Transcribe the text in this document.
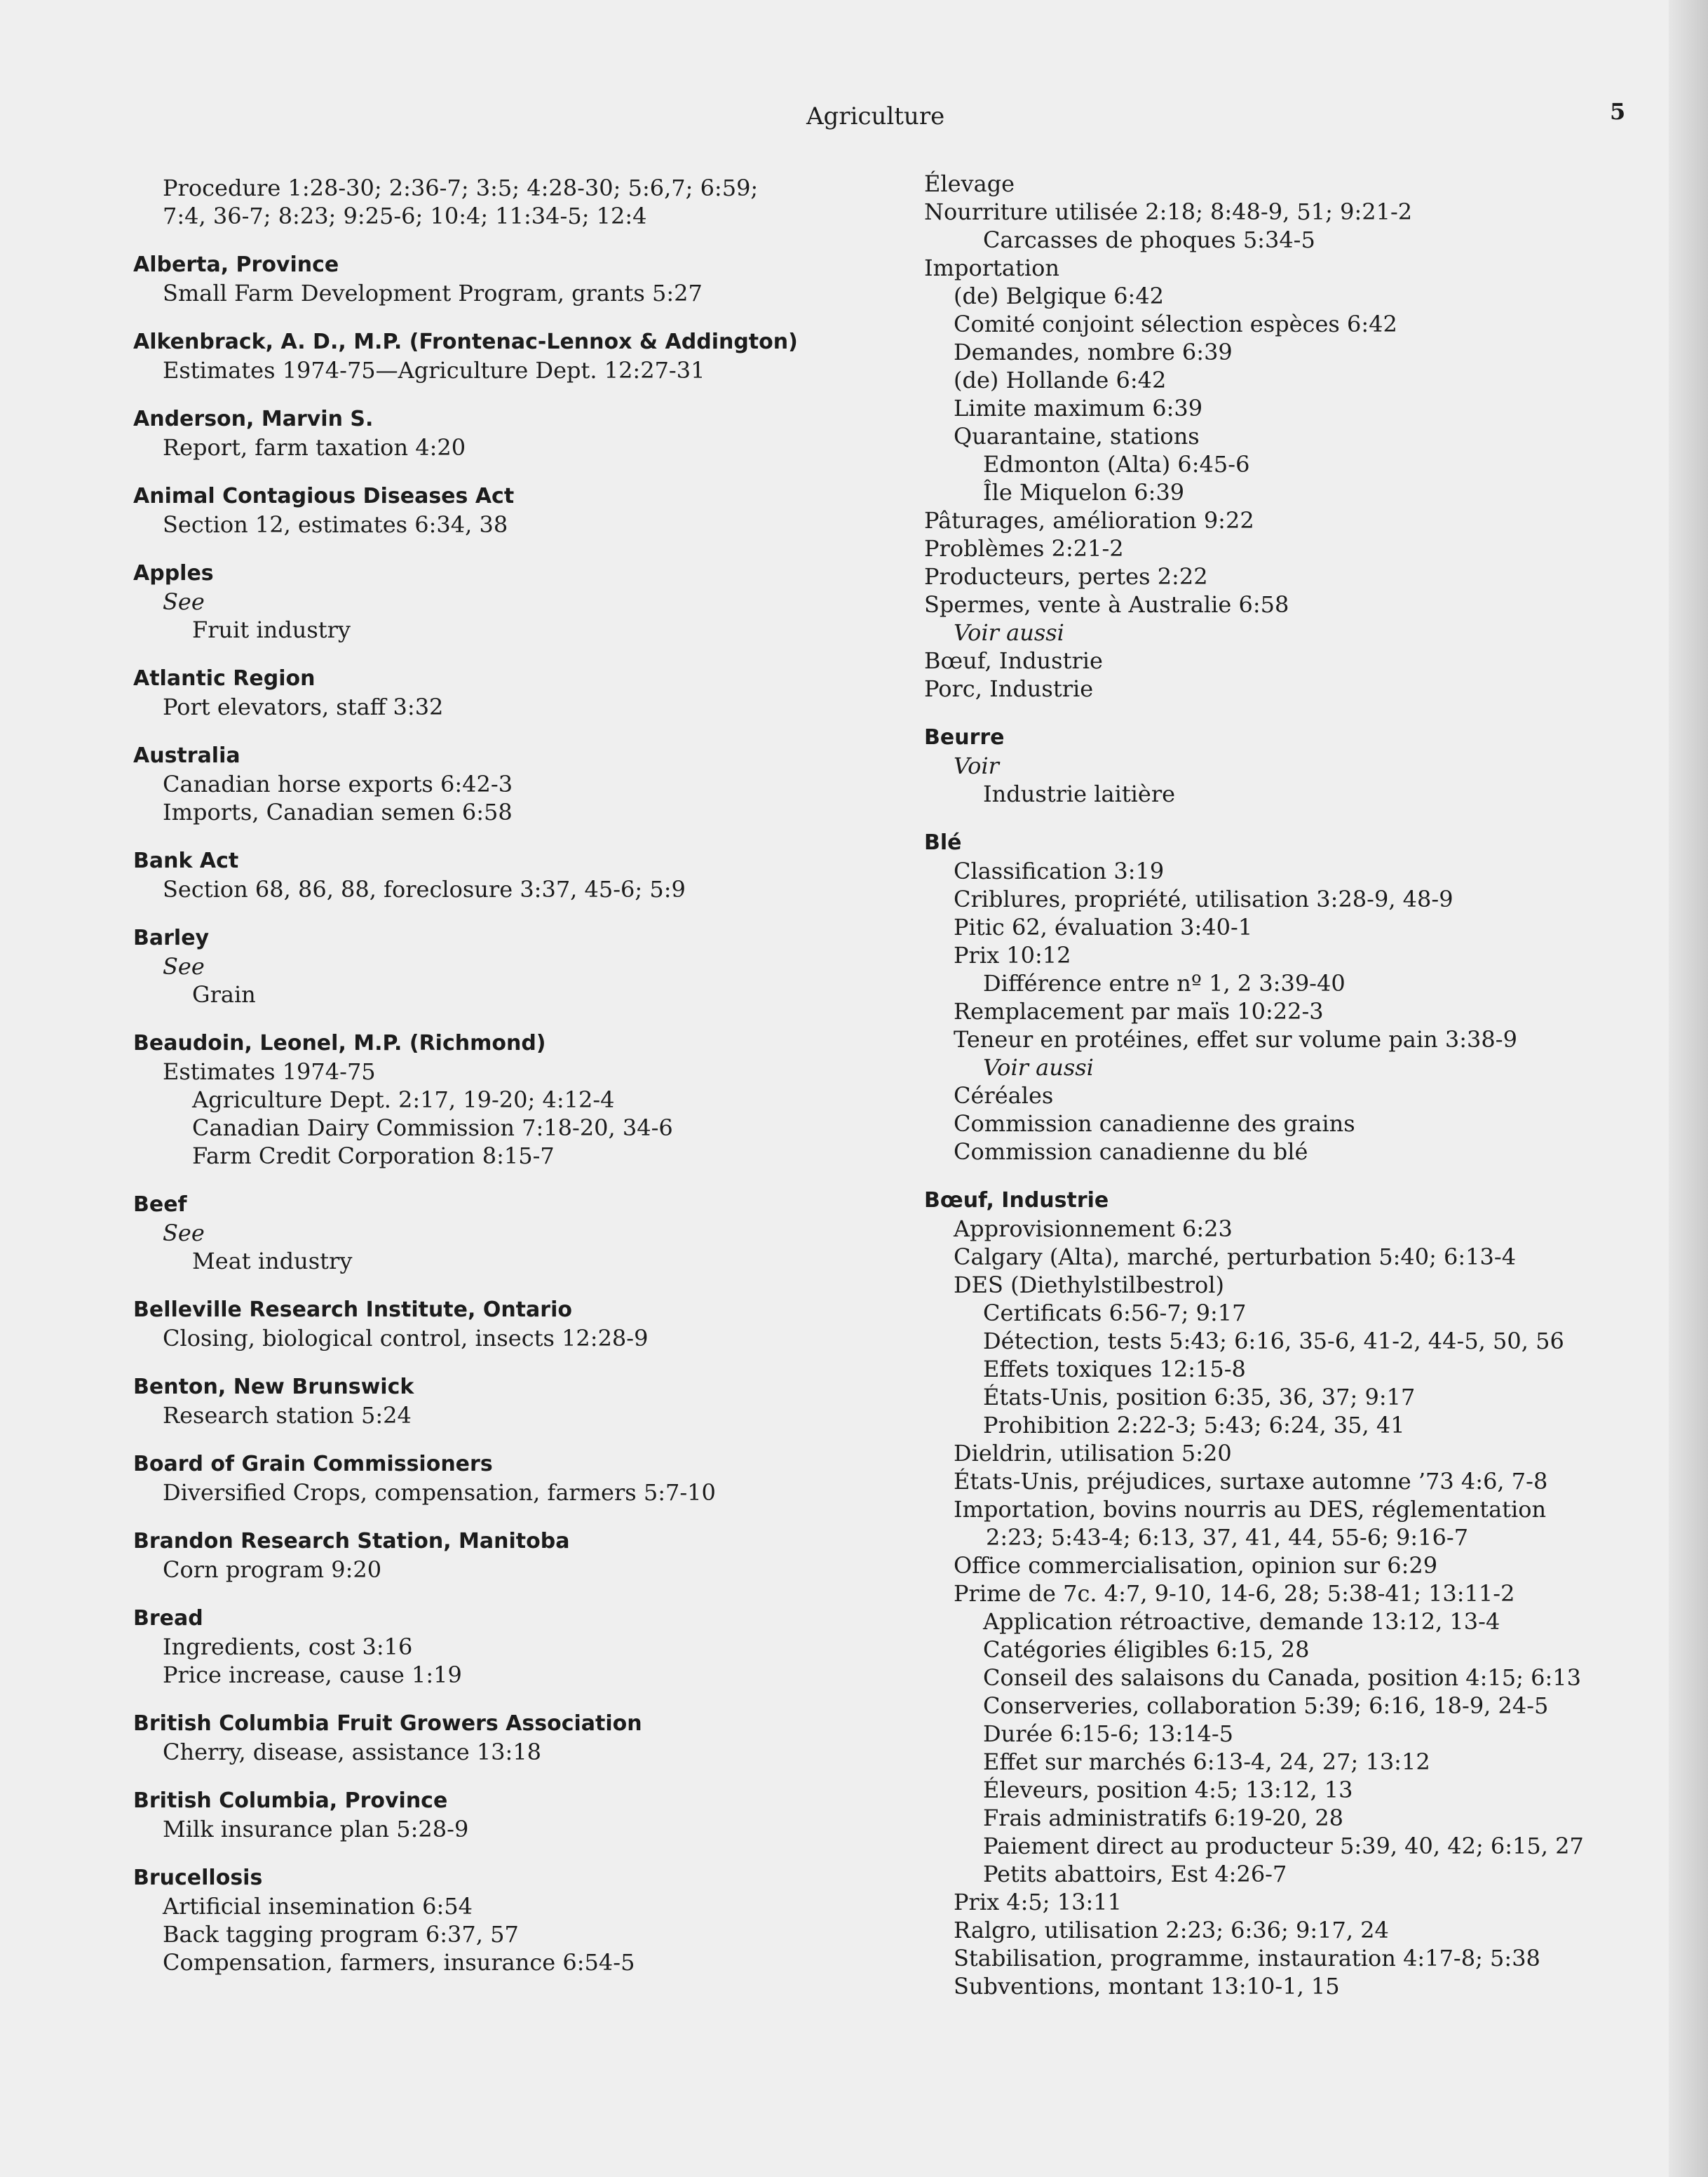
Agriculture	5
Procedure 1:28-30; 2:36-7; 3:5; 4:28-30; 5:6,7; 6:59;
7:4, 36-7; 8:23; 9:25-6; 10:4; 11:34-5; 12:4
Alberta, Province
Small Farm Development Program, grants 5:27
Alkenbrack, A. D., M.P. (Frontenac-Lennox & Addington)
Estimates 1974-75—Agriculture Dept. 12:27-31
Anderson, Marvin S.
Report, farm taxation 4:20
Animal Contagious Diseases Act
Section 12, estimates 6:34, 38
Apples
See
Fruit industry
Atlantic Region
Port elevators, staff 3:32
Australia
Canadian horse exports 6:42-3
Imports, Canadian semen 6:58
Bank Act
Section 68, 86, 88, foreclosure 3:37, 45-6; 5:9
Barley
See
Grain
Beaudoin, Leonel, M.P. (Richmond)
Estimates 1974-75
Agriculture Dept. 2:17, 19-20; 4:12-4
Canadian Dairy Commission 7:18-20, 34-6
Farm Credit Corporation 8:15-7
Beef
See
Meat industry
Belleville Research Institute, Ontario
Closing, biological control, insects 12:28-9
Benton, New Brunswick
Research station 5:24
Board of Grain Commissioners
Diversified Crops, compensation, farmers 5:7-10
Brandon Research Station, Manitoba
Corn program 9:20
Bread
Ingredients, cost 3:16
Price increase, cause 1:19
British Columbia Fruit Growers Association
Cherry, disease, assistance 13:18
British Columbia, Province
Milk insurance plan 5:28-9
Brucellosis
Artificial insemination 6:54
Back tagging program 6:37, 57
Compensation, farmers, insurance 6:54-5
Élevage
Nourriture utilisée 2:18; 8:48-9, 51; 9:21-2
Carcasses de phoques 5:34-5
Importation
(de) Belgique 6:42
Comité conjoint sélection espèces 6:42
Demandes, nombre 6:39
(de) Hollande 6:42
Limite maximum 6:39
Quarantaine, stations
Edmonton (Alta) 6:45-6
Île Miquelon 6:39
Pâturages, amélioration 9:22
Problèmes 2:21-2
Producteurs, pertes 2:22
Spermes, vente à Australie 6:58
Voir aussi
Bœuf, Industrie
Porc, Industrie
Beurre
Voir
Industrie laitière
Blé
Classification 3:19
Criblures, propriété, utilisation 3:28-9, 48-9
Pitic 62, évaluation 3:40-1
Prix 10:12
Différence entre nº 1, 2 3:39-40
Remplacement par maïs 10:22-3
Teneur en protéines, effet sur volume pain 3:38-9
Voir aussi
Céréales
Commission canadienne des grains
Commission canadienne du blé
Bœuf, Industrie
Approvisionnement 6:23
Calgary (Alta), marché, perturbation 5:40; 6:13-4
DES (Diethylstilbestrol)
Certificats 6:56-7; 9:17
Détection, tests 5:43; 6:16, 35-6, 41-2, 44-5, 50, 56
Effets toxiques 12:15-8
États-Unis, position 6:35, 36, 37; 9:17
Prohibition 2:22-3; 5:43; 6:24, 35, 41
Dieldrin, utilisation 5:20
États-Unis, préjudices, surtaxe automne ’73 4:6, 7-8
Importation, bovins nourris au DES, réglementation
2:23; 5:43-4; 6:13, 37, 41, 44, 55-6; 9:16-7
Office commercialisation, opinion sur 6:29
Prime de 7c. 4:7, 9-10, 14-6, 28; 5:38-41; 13:11-2
Application rétroactive, demande 13:12, 13-4
Catégories éligibles 6:15, 28
Conseil des salaisons du Canada, position 4:15; 6:13
Conserveries, collaboration 5:39; 6:16, 18-9, 24-5
Durée 6:15-6; 13:14-5
Effet sur marchés 6:13-4, 24, 27; 13:12
Éleveurs, position 4:5; 13:12, 13
Frais administratifs 6:19-20, 28
Paiement direct au producteur 5:39, 40, 42; 6:15, 27
Petits abattoirs, Est 4:26-7
Prix 4:5; 13:11
Ralgro, utilisation 2:23; 6:36; 9:17, 24
Stabilisation, programme, instauration 4:17-8; 5:38
Subventions, montant 13:10-1, 15
